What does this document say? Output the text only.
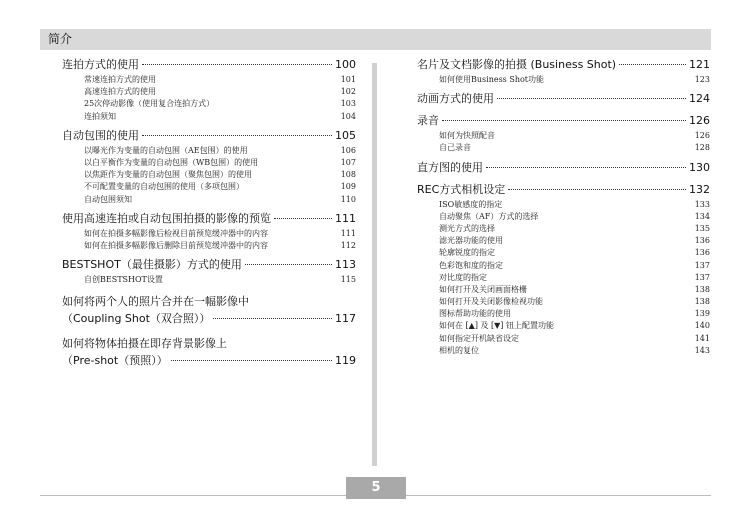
简介
连拍方式的使用	100
常速连拍方式的使用	101
高速连拍方式的使用	102
25次停动影像（使用复合连拍方式）	103
连拍须知	104
自动包围的使用	105
以曝光作为变量的自动包围（AE包围）的使用	106
以白平衡作为变量的自动包围（WB包围）的使用	107
以焦距作为变量的自动包围（聚焦包围）的使用	108
不可配置变量的自动包围的使用（多项包围）	109
自动包围须知	110
使用高速连拍或自动包围拍摄的影像的预览	111
如何在拍摄多幅影像后检视目前预览缓冲器中的内容	111
如何在拍摄多幅影像后删除目前预览缓冲器中的内容	112
BESTSHOT（最佳摄影）方式的使用	113
自创BESTSHOT设置	115
如何将两个人的照片合并在一幅影像中
（Coupling Shot（双合照））	117
如何将物体拍摄在即存背景影像上
（Pre-shot（预照））	119
名片及文档影像的拍摄 (Business Shot)	121
如何使用Business Shot功能	123
动画方式的使用	124
录音	126
如何为快照配音	126
自己录音	128
直方图的使用	130
REC方式相机设定	132
ISO敏感度的指定	133
自动聚焦（AF）方式的选择	134
测光方式的选择	135
滤光器功能的使用	136
轮廓锐度的指定	136
色彩饱和度的指定	137
对比度的指定	137
如何打开及关闭画面格栅	138
如何打开及关闭影像检视功能	138
图标帮助功能的使用	139
如何在 [▲] 及 [▼] 钮上配置功能	140
如何指定开机缺省设定	141
相机的复位	143
5
